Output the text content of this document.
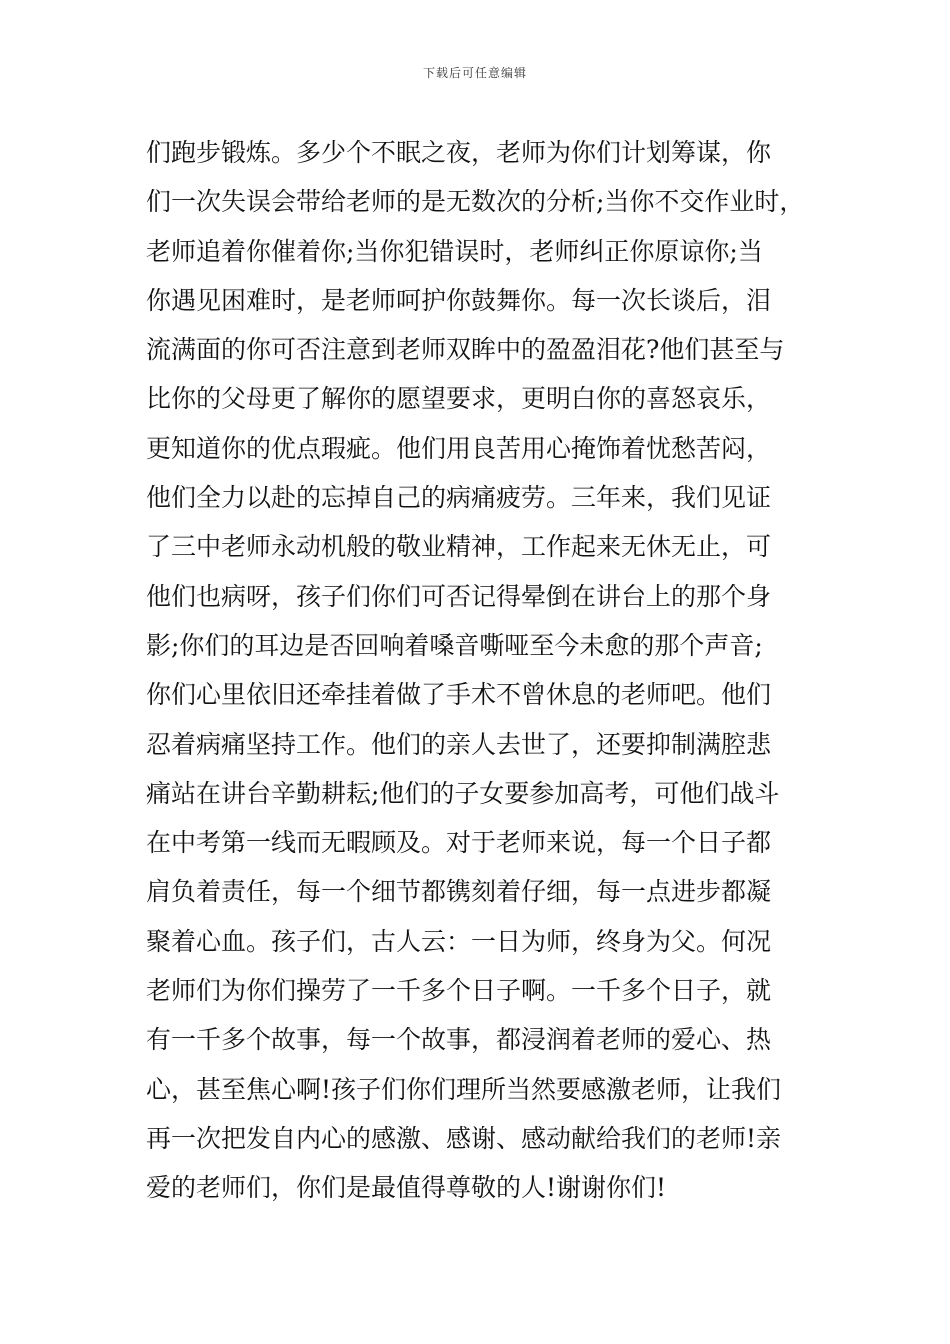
下载后可任意编辑
们跑步锻炼。多少个不眠之夜，老师为你们计划筹谋，你
们一次失误会带给老师的是无数次的分析;当你不交作业时，
老师追着你催着你;当你犯错误时，老师纠正你原谅你;当
你遇见困难时，是老师呵护你鼓舞你。每一次长谈后，泪
流满面的你可否注意到老师双眸中的盈盈泪花?他们甚至与
比你的父母更了解你的愿望要求，更明白你的喜怒哀乐，
更知道你的优点瑕疵。他们用良苦用心掩饰着忧愁苦闷，
他们全力以赴的忘掉自己的病痛疲劳。三年来，我们见证
了三中老师永动机般的敬业精神，工作起来无休无止，可
他们也病呀，孩子们你们可否记得晕倒在讲台上的那个身
影;你们的耳边是否回响着嗓音嘶哑至今未愈的那个声音;
你们心里依旧还牵挂着做了手术不曾休息的老师吧。他们
忍着病痛坚持工作。他们的亲人去世了，还要抑制满腔悲
痛站在讲台辛勤耕耘;他们的子女要参加高考，可他们战斗
在中考第一线而无暇顾及。对于老师来说，每一个日子都
肩负着责任，每一个细节都镌刻着仔细，每一点进步都凝
聚着心血。孩子们，古人云：一日为师，终身为父。何况
老师们为你们操劳了一千多个日子啊。一千多个日子，就
有一千多个故事，每一个故事，都浸润着老师的爱心、热
心，甚至焦心啊!孩子们你们理所当然要感激老师，让我们
再一次把发自内心的感激、感谢、感动献给我们的老师!亲
爱的老师们，你们是最值得尊敬的人!谢谢你们!
